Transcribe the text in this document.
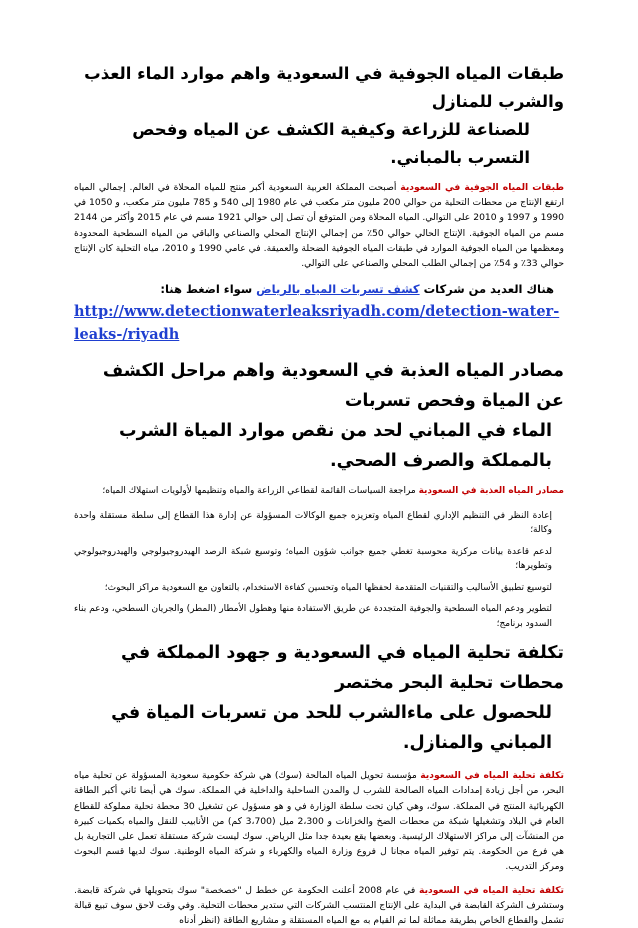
طبقات المياه الجوفية في السعودية واهم موارد الماء العذب والشرب للمنازل
للصناعة للزراعة وكيفية الكشف عن المياه وفحص التسرب بالمباني.

طبقات المياه الجوفية في السعودية أصبحت المملكة العربية السعودية أكبر منتج للمياه المحلاة في العالم. إجمالي المياه ارتفع الإنتاج من محطات التحلية من حوالي 200 مليون متر مكعب في عام 1980 إلى 540 و 785 مليون متر مكعب، و 1050 في 1990 و 1997 و 2010 على التوالي. المياه المحلاة ومن المتوقع أن تصل إلى حوالي 1921 مسم في عام 2015 وأكثر من 2144 مسم من المياه الجوفية. الإنتاج الحالي حوالي 50٪ من إجمالي الإنتاج المحلي والصناعي والباقي من المياه السطحية المحدودة ومعظمها من المياه الجوفية الموارد في طبقات المياه الجوفية الضحلة والعميقة. في عامي 1990 و 2010، مياه التحلية كان الإنتاج حوالي 33٪ و 54٪ من إجمالي الطلب المحلي والصناعي على التوالي.

هناك العديد من شركات كشف تسربات المياه بالرياض سواء اضغط هنا:

http://www.detectionwaterleaksriyadh.com/detection-water-leaks-/riyadh
مصادر المياه العذبة في السعودية واهم مراحل الكشف عن المياة وفحص تسربات
الماء في المباني لحد من نقص موارد المياة الشرب بالمملكة والصرف الصحي.

مصادر المياه العذبة في السعودية مراجعة السياسات القائمة لقطاعي الزراعة والمياه وتنظيمها لأولويات استهلاك المياه؛

إعادة النظر في التنظيم الإداري لقطاع المياه وتعزيزه جميع الوكالات المسؤولة عن إدارة هذا القطاع إلى سلطة مستقلة واحدة وكالة؛

لدعم قاعدة بيانات مركزية محوسبة تغطي جميع جوانب شؤون المياه؛ وتوسيع شبكة الرصد الهيدروجيولوجي والهيدروجيولوجي وتطويرها؛

لتوسيع تطبيق الأساليب والتقنيات المتقدمة لحفظها المياه وتحسين كفاءة الاستخدام، بالتعاون مع السعودية مراكز البحوث؛

لتطوير ودعم المياه السطحية والجوفية المتجددة عن طريق الاستفادة منها وهطول الأمطار (المطر) والجريان السطحي، ودعم بناء السدود برنامج؛

تكلفة تحلية المياه في السعودية و جهود المملكة في محطات تحلية البحر مختصر
للحصول على ماءالشرب للحد من تسربات المياة في المباني والمنازل.

تكلفة تحلية المياه في السعودية مؤسسة تحويل المياه المالحة (سوك) هي شركة حكومية سعودية المسؤولة عن تحلية مياه البحر، من أجل زيادة إمدادات المياه الصالحة للشرب ل والمدن الساحلية والداخلية في المملكة. سوك هي أيضا ثاني أكبر الطاقة الكهربائية المنتج في المملكة. سوك، وهي كيان تحت سلطة الوزارة في و هو مسؤول عن تشغيل 30 محطة تحلية مملوكة للقطاع العام في البلاد وتشغيلها شبكة من محطات الضخ والخزانات و 2،300 ميل (3،700 كم) من الأنابيب للنقل والمياه بكميات كبيرة من المنشآت إلى مراكز الاستهلاك الرئيسية. وبعضها يقع بعيدة جدا مثل الرياض. سوك ليست شركة مستقلة تعمل على التجارية بل هي فرع من الحكومة. يتم توفير المياه مجانا ل فروع وزارة المياه والكهرباء و شركة المياه الوطنية. سوك لديها قسم البحوث ومركز التدريب.

تكلفة تحلية المياه في السعودية في عام 2008 أعلنت الحكومة عن خطط ل "خصخصة" سوك بتحويلها في شركة قابضة. وستشرف الشركة القابضة في البداية على الإنتاج المنتسب الشركات التي ستدير محطات التحلية. وفي وقت لاحق سوف تبيع قبالة تشمل والقطاع الخاص بطريقة مماثلة لما تم القيام به مع المياه المستقلة و مشاريع الطاقة (انظر أدناه
